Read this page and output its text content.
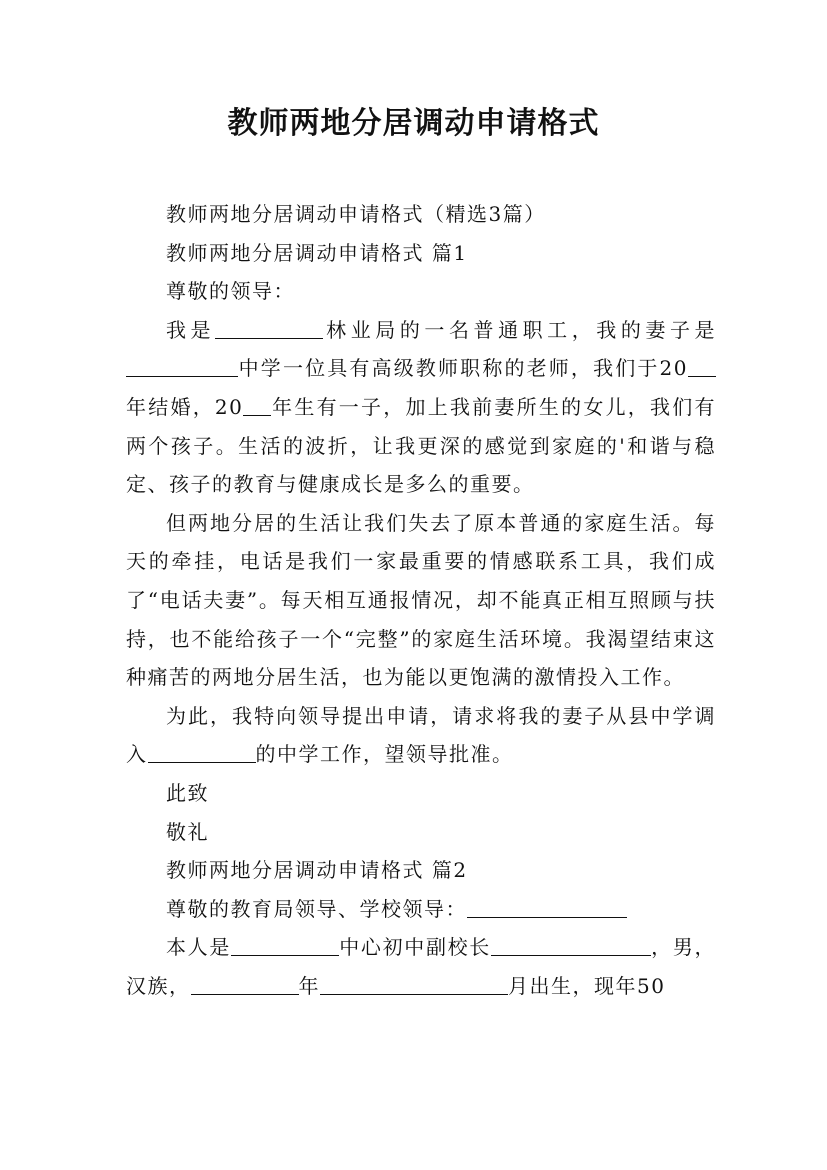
教师两地分居调动申请格式

教师两地分居调动申请格式（精选3篇）

教师两地分居调动申请格式 篇1

尊敬的领导：

我是	林业局的一名普通职工，我的妻子是中学一位具有高级教师职称的老师，我们于20年结婚，20 年生有一子，加上我前妻所生的女儿，我们有两个孩子。生活的波折，让我更深的感觉到家庭的'和谐与稳定、孩子的教育与健康成长是多么的重要。

但两地分居的生活让我们失去了原本普通的家庭生活。每天的牵挂，电话是我们一家最重要的情感联系工具，我们成了“电话夫妻”。每天相互通报情况，却不能真正相互照顾与扶持，也不能给孩子一个“完整”的家庭生活环境。我渴望结束这种痛苦的两地分居生活，也为能以更饱满的激情投入工作。

为此，我特向领导提出申请，请求将我的妻子从县中学调入	的中学工作，望领导批准。

此致

敬礼

教师两地分居调动申请格式 篇2

尊敬的教育局领导、学校领导：

本人是	中心初中副校长	，男，汉族，	年	月出生，现年50
